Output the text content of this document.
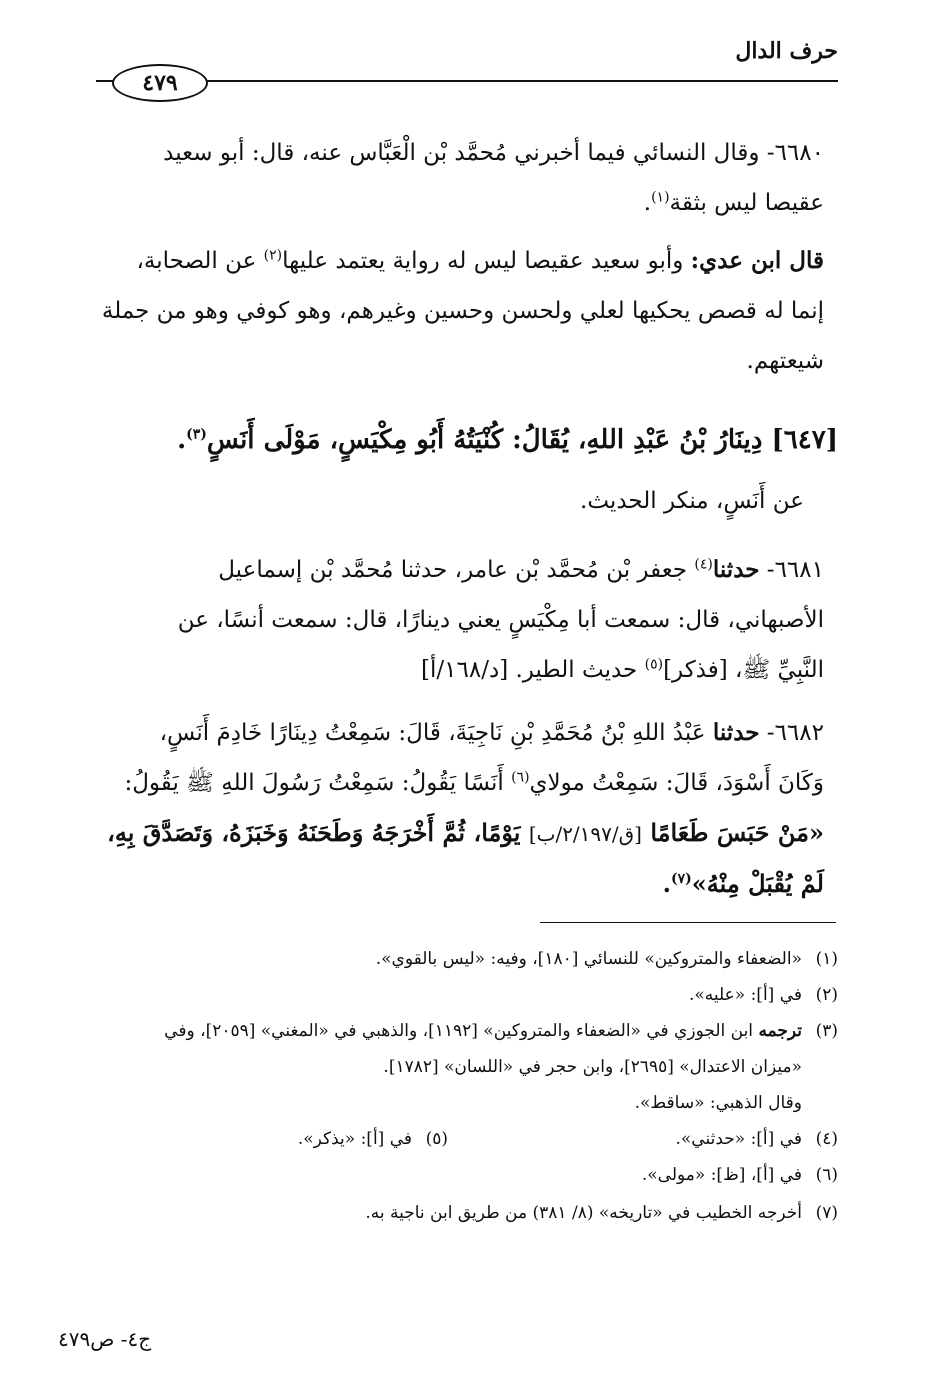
حرف الدال
٤٧٩
٦٦٨٠- وقال النسائي فيما أخبرني مُحمَّد بْن الْعَبَّاس عنه، قال: أبو سعيد
عقيصا ليس بثقة$^{(١)}$.
قال ابن عدي: وأبو سعيد عقيصا ليس له رواية يعتمد عليها$^{(٢)}$ عن الصحابة،
إنما له قصص يحكيها لعلي ولحسن وحسين وغيرهم، وهو كوفي وهو من جملة
شيعتهم.
[٦٤٧] دِينَارُ بْنُ عَبْدِ اللهِ، يُقَالُ: كُنْيَتُهُ أَبُو مِكْيَسٍ، مَوْلَى أَنَسٍ$^{(٣)}$.
عن أَنَسٍ، منكر الحديث.
٦٦٨١- حدثنا$^{(٤)}$ جعفر بْن مُحمَّد بْن عامر، حدثنا مُحمَّد بْن إسماعيل
الأصبهاني، قال: سمعت أبا مِكْيَسٍ يعني دينارًا، قال: سمعت أنسًا، عن
النَّبِيِّ ﷺ، [فذكر]$^{(٥)}$ حديث الطير. [د/١٦٨/أ]
٦٦٨٢- حدثنا عَبْدُ اللهِ بْنُ مُحَمَّدِ بْنِ نَاجِيَةَ، قَالَ: سَمِعْتُ دِينَارًا خَادِمَ أَنَسٍ،
وَكَانَ أَسْوَدَ، قَالَ: سَمِعْتُ مولاي$^{(٦)}$ أَنَسًا يَقُولُ: سَمِعْتُ رَسُولَ اللهِ ﷺ يَقُولُ:
«مَنْ حَبَسَ طَعَامًا [ق/٢/١٩٧/ب] يَوْمًا، ثُمَّ أَخْرَجَهُ وَطَحَنَهُ وَخَبَزَهُ، وَتَصَدَّقَ بِهِ،
لَمْ يُقْبَلْ مِنْهُ»$^{(٧)}$.
(١)«الضعفاء والمتروكين» للنسائي [١٨٠]، وفيه: «ليس بالقوي».
(٢)في [أ]: «عليه».
(٣)ترجمه ابن الجوزي في «الضعفاء والمتروكين» [١١٩٢]، والذهبي في «المغني» [٢٠٥٩]، وفي
«ميزان الاعتدال» [٢٦٩٥]، وابن حجر في «اللسان» [١٧٨٢].
وقال الذهبي: «ساقط».
(٤)في [أ]: «حدثني».
(٥)في [أ]: «يذكر».
(٦)في [أ]، [ظ]: «مولى».
(٧)أخرجه الخطيب في «تاريخه» (٨/ ٣٨١) من طريق ابن ناجية به.
ج٤- ص٤٧٩
